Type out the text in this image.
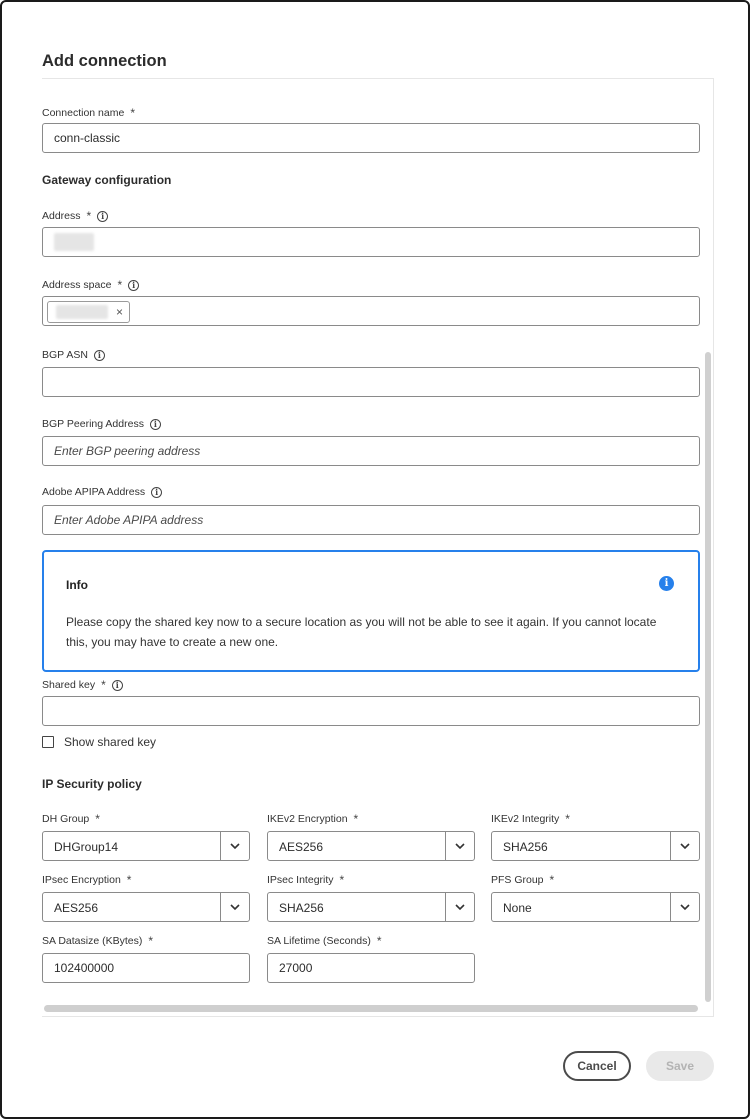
Add connection
Connection name *
conn-classic
Gateway configuration
Address *	i
Address space *	i
×
BGP ASN	i
BGP Peering Address	i
Enter BGP peering address
Adobe APIPA Address	i
Enter Adobe APIPA address
Info	i
Please copy the shared key now to a secure location as you will not be able to see it again. If you cannot locate this, you may have to create a new one.
Shared key *	i
Show shared key
IP Security policy
DH Group *
DHGroup14
IKEv2 Encryption *
AES256
IKEv2 Integrity *
SHA256
IPsec Encryption *
AES256
IPsec Integrity *
SHA256
PFS Group *
None
SA Datasize (KBytes) *
102400000
SA Lifetime (Seconds) *
27000
Cancel	Save
